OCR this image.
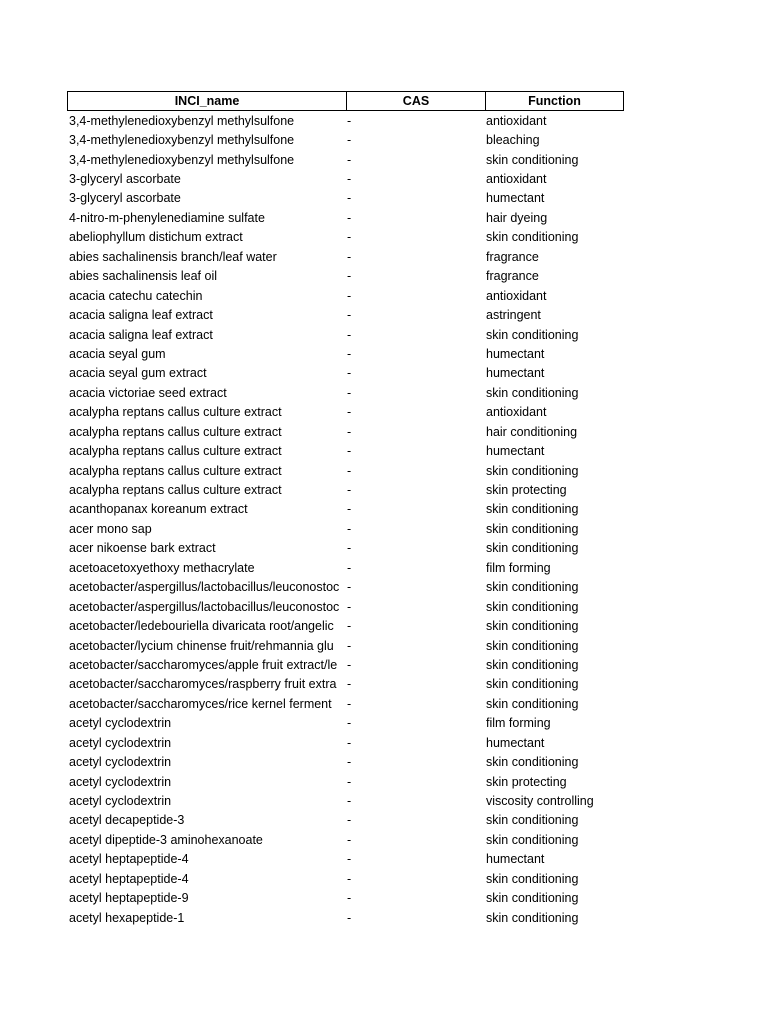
INCI_name	CAS	Function
3,4-methylenedioxybenzyl methylsulfone	-	antioxidant
3,4-methylenedioxybenzyl methylsulfone	-	bleaching
3,4-methylenedioxybenzyl methylsulfone	-	skin conditioning
3-glyceryl ascorbate	-	antioxidant
3-glyceryl ascorbate	-	humectant
4-nitro-m-phenylenediamine sulfate	-	hair dyeing
abeliophyllum distichum extract	-	skin conditioning
abies sachalinensis branch/leaf water	-	fragrance
abies sachalinensis leaf oil	-	fragrance
acacia catechu catechin	-	antioxidant
acacia saligna leaf extract	-	astringent
acacia saligna leaf extract	-	skin conditioning
acacia seyal gum	-	humectant
acacia seyal gum extract	-	humectant
acacia victoriae seed extract	-	skin conditioning
acalypha reptans callus culture extract	-	antioxidant
acalypha reptans callus culture extract	-	hair conditioning
acalypha reptans callus culture extract	-	humectant
acalypha reptans callus culture extract	-	skin conditioning
acalypha reptans callus culture extract	-	skin protecting
acanthopanax koreanum extract	-	skin conditioning
acer mono sap	-	skin conditioning
acer nikoense bark extract	-	skin conditioning
acetoacetoxyethoxy methacrylate	-	film forming
acetobacter/aspergillus/lactobacillus/leuconostoc -	skin conditioning
acetobacter/aspergillus/lactobacillus/leuconostoc -	skin conditioning
acetobacter/ledebouriella divaricata root/angelic	-	skin conditioning
acetobacter/lycium chinense fruit/rehmannia glu	-	skin conditioning
acetobacter/saccharomyces/apple fruit extract/le -	skin conditioning
acetobacter/saccharomyces/raspberry fruit extra -	skin conditioning
acetobacter/saccharomyces/rice kernel ferment	-	skin conditioning
acetyl cyclodextrin	-	film forming
acetyl cyclodextrin	-	humectant
acetyl cyclodextrin	-	skin conditioning
acetyl cyclodextrin	-	skin protecting
acetyl cyclodextrin	-	viscosity controlling
acetyl decapeptide-3	-	skin conditioning
acetyl dipeptide-3 aminohexanoate	-	skin conditioning
acetyl heptapeptide-4	-	humectant
acetyl heptapeptide-4	-	skin conditioning
acetyl heptapeptide-9	-	skin conditioning
acetyl hexapeptide-1	-	skin conditioning
